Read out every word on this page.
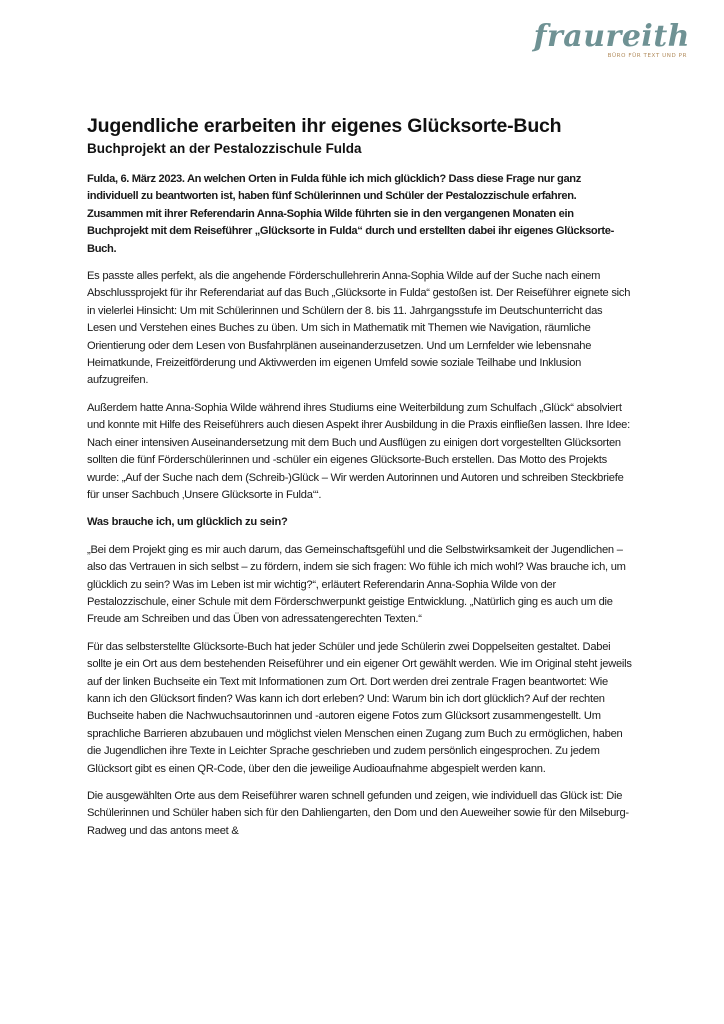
fraureith
BÜRO FÜR TEXT UND PR
Jugendliche erarbeiten ihr eigenes Glücksorte-Buch
Buchprojekt an der Pestalozzischule Fulda

Fulda, 6. März 2023. An welchen Orten in Fulda fühle ich mich glücklich? Dass diese Frage nur ganz individuell zu beantworten ist, haben fünf Schülerinnen und Schüler der Pestalozzischule erfahren. Zusammen mit ihrer Referendarin Anna-Sophia Wilde führten sie in den vergangenen Monaten ein Buchprojekt mit dem Reiseführer „Glücksorte in Fulda“ durch und erstellten dabei ihr eigenes Glücksorte-Buch.

Es passte alles perfekt, als die angehende Förderschullehrerin Anna-Sophia Wilde auf der Suche nach einem Abschlussprojekt für ihr Referendariat auf das Buch „Glücksorte in Fulda“ gestoßen ist. Der Reiseführer eignete sich in vielerlei Hinsicht: Um mit Schülerinnen und Schülern der 8. bis 11. Jahrgangsstufe im Deutschunterricht das Lesen und Verstehen eines Buches zu üben. Um sich in Mathematik mit Themen wie Navigation, räumliche Orientierung oder dem Lesen von Busfahrplänen auseinanderzusetzen. Und um Lernfelder wie lebensnahe Heimatkunde, Freizeitförderung und Aktivwerden im eigenen Umfeld sowie soziale Teilhabe und Inklusion aufzugreifen.

Außerdem hatte Anna-Sophia Wilde während ihres Studiums eine Weiterbildung zum Schulfach „Glück“ absolviert und konnte mit Hilfe des Reiseführers auch diesen Aspekt ihrer Ausbildung in die Praxis einfließen lassen. Ihre Idee: Nach einer intensiven Auseinandersetzung mit dem Buch und Ausflügen zu einigen dort vorgestellten Glücksorten sollten die fünf Förderschülerinnen und -schüler ein eigenes Glücksorte-Buch erstellen. Das Motto des Projekts wurde: „Auf der Suche nach dem (Schreib-)Glück – Wir werden Autorinnen und Autoren und schreiben Steckbriefe für unser Sachbuch ‚Unsere Glücksorte in Fulda‘“.

Was brauche ich, um glücklich zu sein?

„Bei dem Projekt ging es mir auch darum, das Gemeinschaftsgefühl und die Selbstwirksamkeit der Jugendlichen – also das Vertrauen in sich selbst – zu fördern, indem sie sich fragen: Wo fühle ich mich wohl? Was brauche ich, um glücklich zu sein? Was im Leben ist mir wichtig?“, erläutert Referendarin Anna-Sophia Wilde von der Pestalozzischule, einer Schule mit dem Förderschwerpunkt geistige Entwicklung. „Natürlich ging es auch um die Freude am Schreiben und das Üben von adressatengerechten Texten.“

Für das selbsterstellte Glücksorte-Buch hat jeder Schüler und jede Schülerin zwei Doppelseiten gestaltet. Dabei sollte je ein Ort aus dem bestehenden Reiseführer und ein eigener Ort gewählt werden. Wie im Original steht jeweils auf der linken Buchseite ein Text mit Informationen zum Ort. Dort werden drei zentrale Fragen beantwortet: Wie kann ich den Glücksort finden? Was kann ich dort erleben? Und: Warum bin ich dort glücklich? Auf der rechten Buchseite haben die Nachwuchsautorinnen und -autoren eigene Fotos zum Glücksort zusammengestellt. Um sprachliche Barrieren abzubauen und möglichst vielen Menschen einen Zugang zum Buch zu ermöglichen, haben die Jugendlichen ihre Texte in Leichter Sprache geschrieben und zudem persönlich eingesprochen. Zu jedem Glücksort gibt es einen QR-Code, über den die jeweilige Audioaufnahme abgespielt werden kann.

Die ausgewählten Orte aus dem Reiseführer waren schnell gefunden und zeigen, wie individuell das Glück ist: Die Schülerinnen und Schüler haben sich für den Dahliengarten, den Dom und den Aueweiher sowie für den Milseburg-Radweg und das antons meet &
